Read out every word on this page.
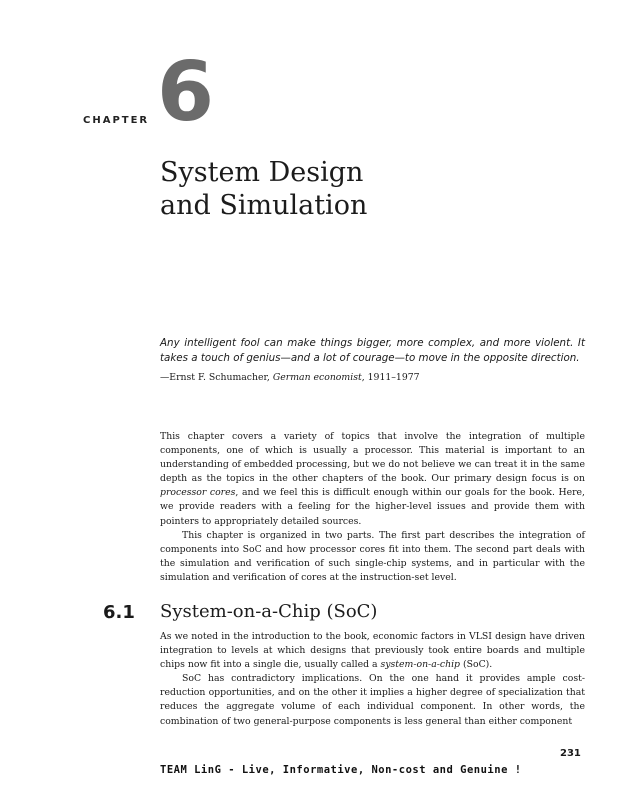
CHAPTER 6
System Design
and Simulation

Any intelligent fool can make things bigger, more complex, and more violent. It takes a touch of genius—and a lot of courage—to move in the opposite direction.

—Ernst F. Schumacher, German economist, 1911–1977

This chapter covers a variety of topics that involve the integration of multiple components, one of which is usually a processor. This material is important to an understanding of embedded processing, but we do not believe we can treat it in the same depth as the topics in the other chapters of the book. Our primary design focus is on processor cores, and we feel this is difficult enough within our goals for the book. Here, we provide readers with a feeling for the higher-level issues and provide them with pointers to appropriately detailed sources.

This chapter is organized in two parts. The first part describes the integration of components into SoC and how processor cores fit into them. The second part deals with the simulation and verification of such single-chip systems, and in particular with the simulation and verification of cores at the instruction-set level.

6.1 System-on-a-Chip (SoC)

As we noted in the introduction to the book, economic factors in VLSI design have driven integration to levels at which designs that previously took entire boards and multiple chips now fit into a single die, usually called a system-on-a-chip (SoC).

SoC has contradictory implications. On the one hand it provides ample cost-reduction opportunities, and on the other it implies a higher degree of specialization that reduces the aggregate volume of each individual component. In other words, the combination of two general-purpose components is less general than either component

231
TEAM LinG - Live, Informative, Non-cost and Genuine !
